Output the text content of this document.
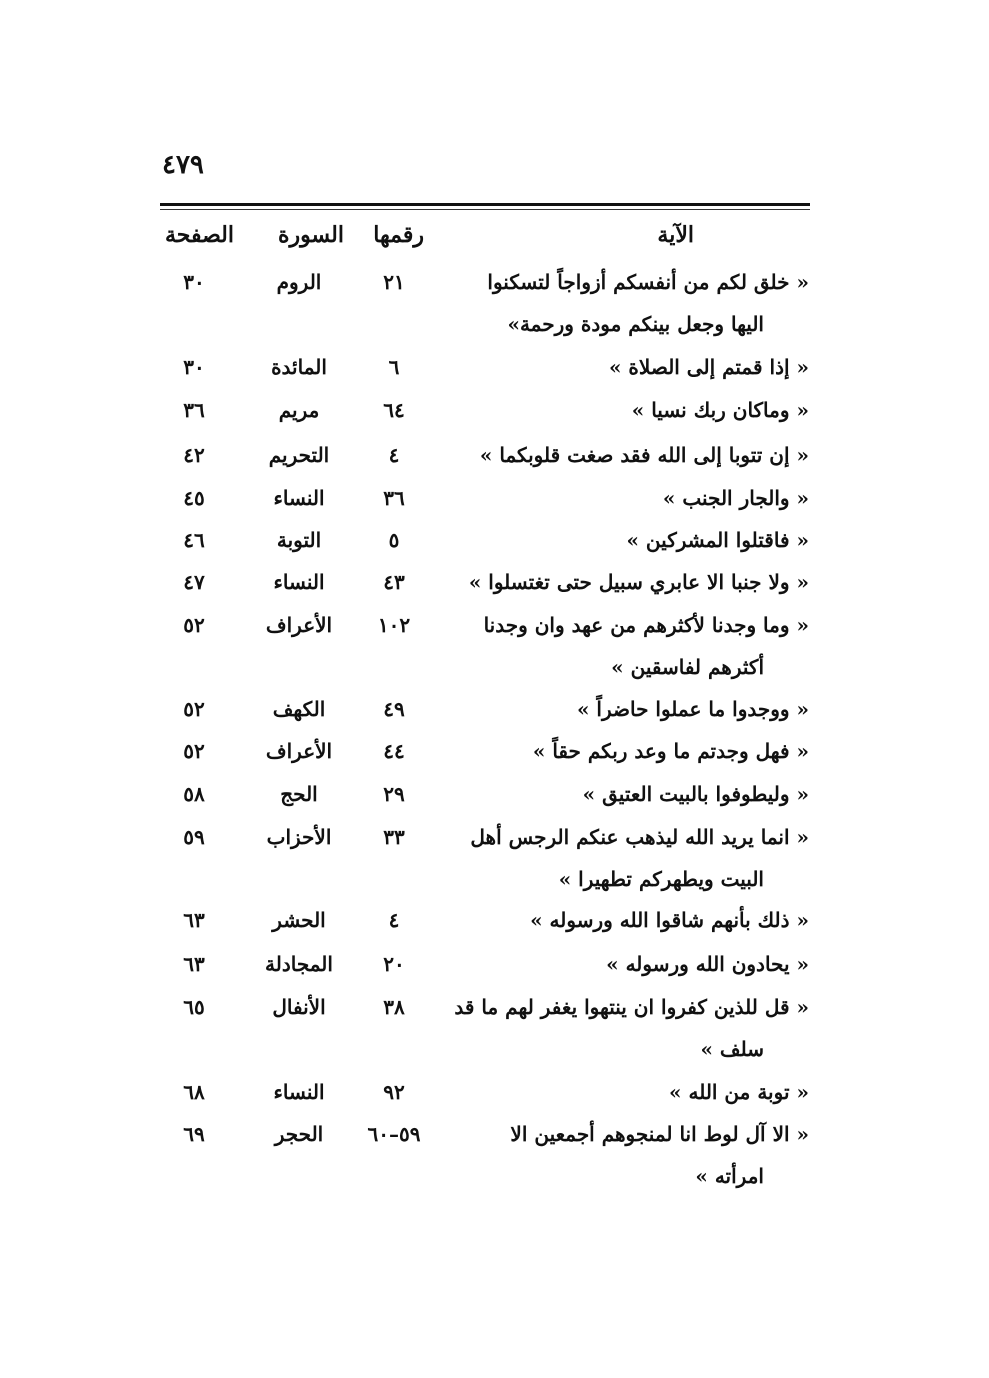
٤٧٩
الآية
رقمها
السورة
الصفحة
« خلق لكم من أنفسكم أزواجاً لتسكنوا
اليها وجعل بينكم مودة ورحمة»
٢١
الروم
٣٠
« إذا قمتم إلى الصلاة »
٦
المائدة
٣٠
« وماكان ربك نسيا »
٦٤
مريم
٣٦
« إن تتوبا إلى الله فقد صغت قلوبكما »
٤
التحريم
٤٢
« والجار الجنب »
٣٦
النساء
٤٥
« فاقتلوا المشركين »
٥
التوبة
٤٦
« ولا جنبا الا عابري سبيل حتى تغتسلوا »
٤٣
النساء
٤٧
« وما وجدنا لأكثرهم من عهد وان وجدنا
أكثرهم لفاسقين »
١٠٢
الأعراف
٥٢
« ووجدوا ما عملوا حاضراً »
٤٩
الكهف
٥٢
« فهل وجدتم ما وعد ربكم حقاً »
٤٤
الأعراف
٥٢
« وليطوفوا بالبيت العتيق »
٢٩
الحج
٥٨
« انما يريد الله ليذهب عنكم الرجس أهل
البيت ويطهركم تطهيرا »
٣٣
الأحزاب
٥٩
« ذلك بأنهم شاقوا الله ورسوله »
٤
الحشر
٦٣
« يحادون الله ورسوله »
٢٠
المجادلة
٦٣
« قل للذين كفروا ان ينتهوا يغفر لهم ما قد
سلف »
٣٨
الأنفال
٦٥
« توبة من الله »
٩٢
النساء
٦٨
« الا آل لوط انا لمنجوهم أجمعين الا
امرأته »
٥٩–٦٠
الحجر
٦٩
